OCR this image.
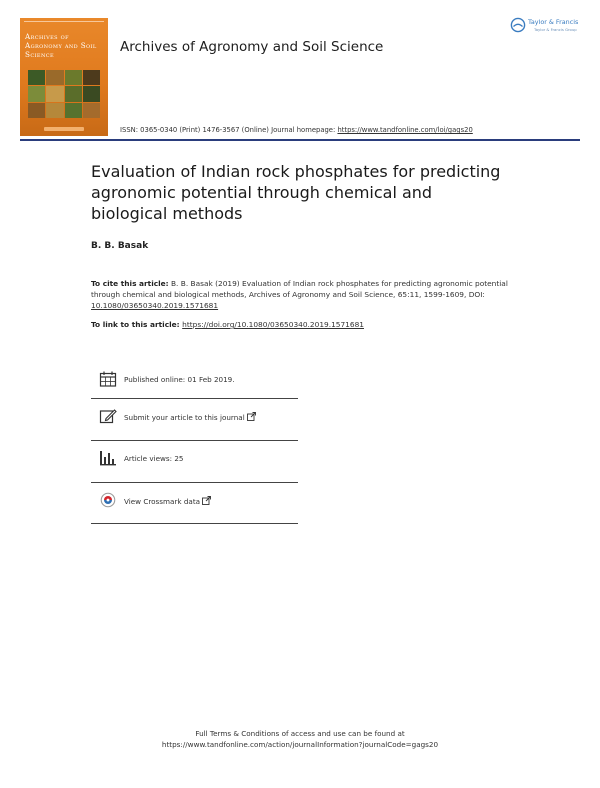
Archives of Agronomy and Soil Science	Archives of Agronomy and Soil Science
ISSN: 0365-0340 (Print) 1476-3567 (Online) Journal homepage: https://www.tandfonline.com/loi/gags20
Taylor & Francis
Taylor & Francis Group
Evaluation of Indian rock phosphates for predicting agronomic potential through chemical and biological methods
B. B. Basak
To cite this article: B. B. Basak (2019) Evaluation of Indian rock phosphates for predicting agronomic potential through chemical and biological methods, Archives of Agronomy and Soil Science, 65:11, 1599-1609, DOI: 10.1080/03650340.2019.1571681
To link to this article: https://doi.org/10.1080/03650340.2019.1571681
Published online: 01 Feb 2019.
Submit your article to this journal
Article views: 25
View Crossmark data
Full Terms & Conditions of access and use can be found at
https://www.tandfonline.com/action/journalInformation?journalCode=gags20
